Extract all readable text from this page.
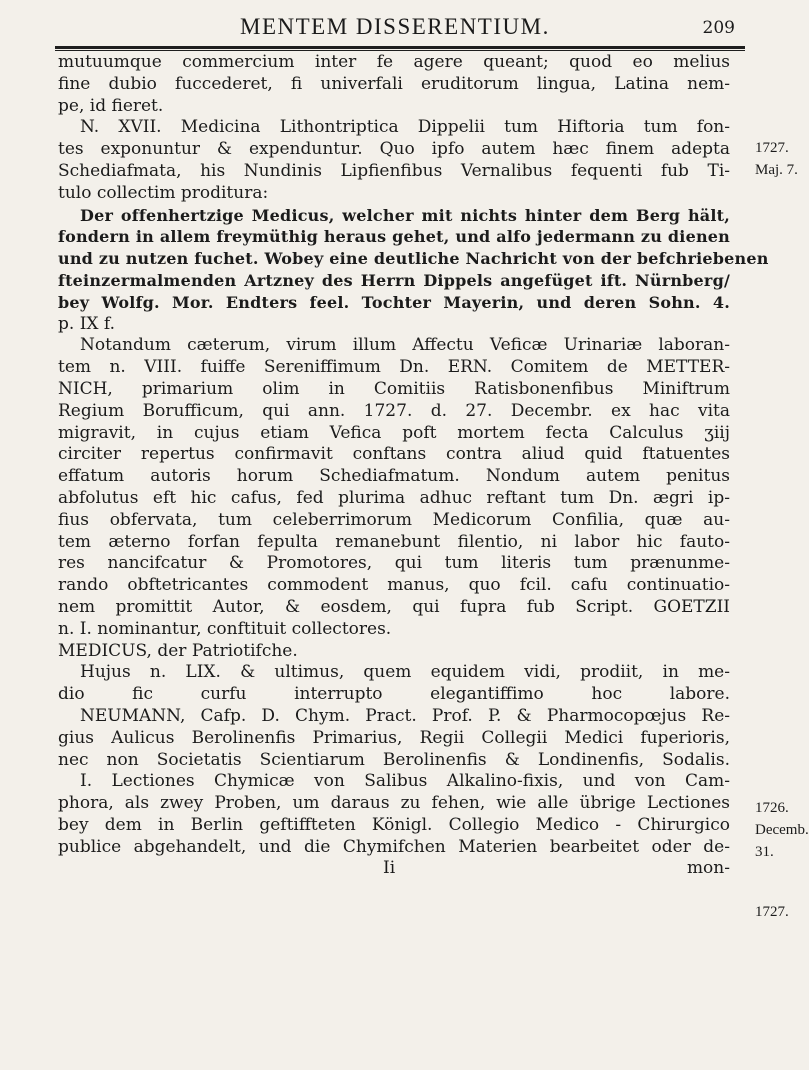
MENTEM DISSERENTIUM.	209
mutuumque commercium inter fe agere queant; quod eo melius
fine dubio fuccederet, fi univerfali eruditorum lingua, Latina nem-
pe, id fieret.
N. XVII. Medicina Lithontriptica Dippelii tum Hiftoria tum fon-
tes exponuntur & expenduntur. Quo ipfo autem hæc finem adepta
Schediafmata, his Nundinis Lipfienfibus Vernalibus fequenti fub Ti-
tulo collectim proditura:
Der offenhertzige Medicus, welcher mit nichts hinter dem Berg hält,
fondern in allem freymüthig heraus gehet, und alfo jedermann zu dienen
und zu nutzen fuchet. Wobey eine deutliche Nachricht von der befchriebenen
fteinzermalmenden Artzney des Herrn Dippels angefüget ift. Nürnberg/
bey Wolfg. Mor. Endters feel. Tochter Mayerin, und deren Sohn. 4.
p. IX f.
Notandum cæterum, virum illum Affectu Veficæ Urinariæ laboran-
tem n. VIII. fuiffe Sereniffimum Dn. ERN. Comitem de METTER-
NICH, primarium olim in Comitiis Ratisbonenfibus Miniftrum
Regium Borufficum, qui ann. 1727. d. 27. Decembr. ex hac vita
migravit, in cujus etiam Vefica poft mortem fecta Calculus ʒiij
circiter repertus confirmavit conftans contra aliud quid ftatuentes
effatum autoris horum Schediafmatum. Nondum autem penitus
abfolutus eft hic cafus, fed plurima adhuc reftant tum Dn. ægri ip-
fius obfervata, tum celeberrimorum Medicorum Confilia, quæ au-
tem æterno forfan fepulta remanebunt filentio, ni labor hic fauto-
res nancifcatur & Promotores, qui tum literis tum prænunme-
rando obftetricantes commodent manus, quo fcil. cafu continuatio-
nem promittit Autor, & eosdem, qui fupra fub Script. GOETZII
n. I. nominantur, conftituit collectores.
MEDICUS, der Patriotifche.
Hujus n. LIX. & ultimus, quem equidem vidi, prodiit, in me-
dio fic curfu interrupto elegantiffimo hoc labore.
NEUMANN, Cafp. D. Chym. Pract. Prof. P. & Pharmocopœjus Re-
gius Aulicus Berolinenfis Primarius, Regii Collegii Medici fuperioris,
nec non Societatis Scientiarum Berolinenfis & Londinenfis, Sodalis.
I. Lectiones Chymicæ von Salibus Alkalino-fixis, und von Cam-
phora, als zwey Proben, um daraus zu fehen, wie alle übrige Lectiones
bey dem in Berlin geftiffteten Königl. Collegio Medico - Chirurgico
publice abgehandelt, und die Chymifchen Materien bearbeitet oder de-
Ii	mon-
1727.
Maj. 7.
1726.
Decemb.
31.
1727.
